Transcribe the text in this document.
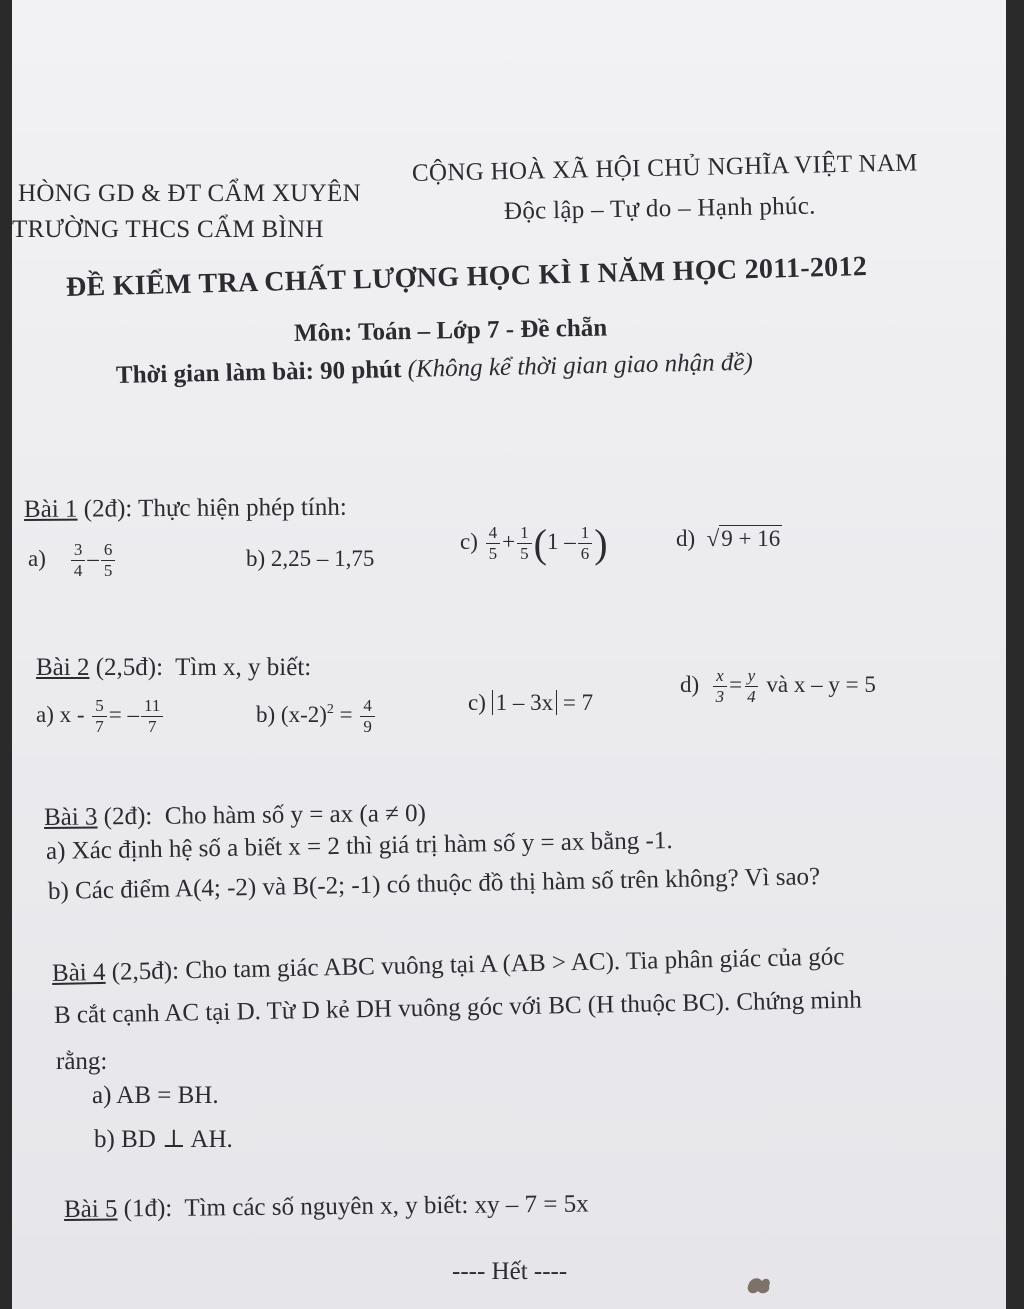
HÒNG GD & ĐT CẨM XUYÊN
TRƯỜNG THCS CẨM BÌNH
CỘNG HOÀ XÃ HỘI CHỦ NGHĨA VIỆT NAM
Độc lập – Tự do – Hạnh phúc.
ĐỀ KIỂM TRA CHẤT LƯỢNG HỌC KÌ I NĂM HỌC 2011-2012
Môn: Toán – Lớp 7 - Đề chẵn
Thời gian làm bài: 90 phút (Không kể thời gian giao nhận đề)
Bài 1 (2đ): Thực hiện phép tính:
$a) \frac{3}{4} - \frac{6}{5}$	b) 2,25 – 1,75
$c) \frac{4}{5} + \frac{1}{5} (1 - \frac{1}{6}$ )	d) √9 + 16
Bài 2 (2,5đ): Tìm x, y biết:
a) x - $\frac{5}{7}$ = – $\frac{11}{7}$	b) $(x-2)^2 = \frac{4}{9}$	c) 1 – 3x = 7
$d) \frac{x}{3} = \frac{y}{4}$ và x – y = 5
Bài 3 (2đ): Cho hàm số y = ax (a ≠ 0)
a) Xác định hệ số a biết x = 2 thì giá trị hàm số y = ax bằng -1.
b) Các điểm A(4; -2) và B(-2; -1) có thuộc đồ thị hàm số trên không? Vì sao?
Bài 4 (2,5đ): Cho tam giác ABC vuông tại A (AB > AC). Tia phân giác của góc
B cắt cạnh AC tại D. Từ D kẻ DH vuông góc với BC (H thuộc BC). Chứng minh
rằng:
a) AB = BH.
b) BD ⊥ AH.
Bài 5 (1đ): Tìm các số nguyên x, y biết: xy – 7 = 5x
---- Hết ----
